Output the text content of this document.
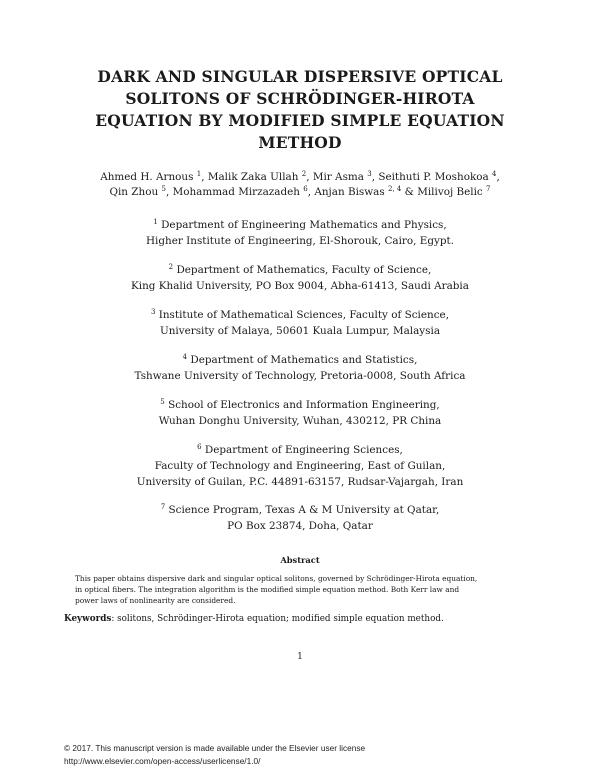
DARK AND SINGULAR DISPERSIVE OPTICAL
SOLITONS OF SCHRÖDINGER-HIROTA
EQUATION BY MODIFIED SIMPLE EQUATION
METHOD
Ahmed H. Arnous $^1$, Malik Zaka Ullah $^2$, Mir Asma $^3$, Seithuti P. Moshokoa $^4$,
Qin Zhou $^5$, Mohammad Mirzazadeh $^6$, Anjan Biswas $^{2, 4}$ & Milivoj Belic $^7$
$^1$ Department of Engineering Mathematics and Physics,
Higher Institute of Engineering, El-Shorouk, Cairo, Egypt.
$^2$ Department of Mathematics, Faculty of Science,
King Khalid University, PO Box 9004, Abha-61413, Saudi Arabia
$^3$ Institute of Mathematical Sciences, Faculty of Science,
University of Malaya, 50601 Kuala Lumpur, Malaysia
$^4$ Department of Mathematics and Statistics,
Tshwane University of Technology, Pretoria-0008, South Africa
$^5$ School of Electronics and Information Engineering,
Wuhan Donghu University, Wuhan, 430212, PR China
$^6$ Department of Engineering Sciences,
Faculty of Technology and Engineering, East of Guilan,
University of Guilan, P.C. 44891-63157, Rudsar-Vajargah, Iran
$^7$ Science Program, Texas A & M University at Qatar,
PO Box 23874, Doha, Qatar
Abstract
This paper obtains dispersive dark and singular optical solitons, governed by Schrödinger-Hirota equation,
in optical fibers. The integration algorithm is the modified simple equation method. Both Kerr law and
power laws of nonlinearity are considered.
Keywords: solitons, Schrödinger-Hirota equation; modified simple equation method.
1
© 2017. This manuscript version is made available under the Elsevier user license
http://www.elsevier.com/open-access/userlicense/1.0/
